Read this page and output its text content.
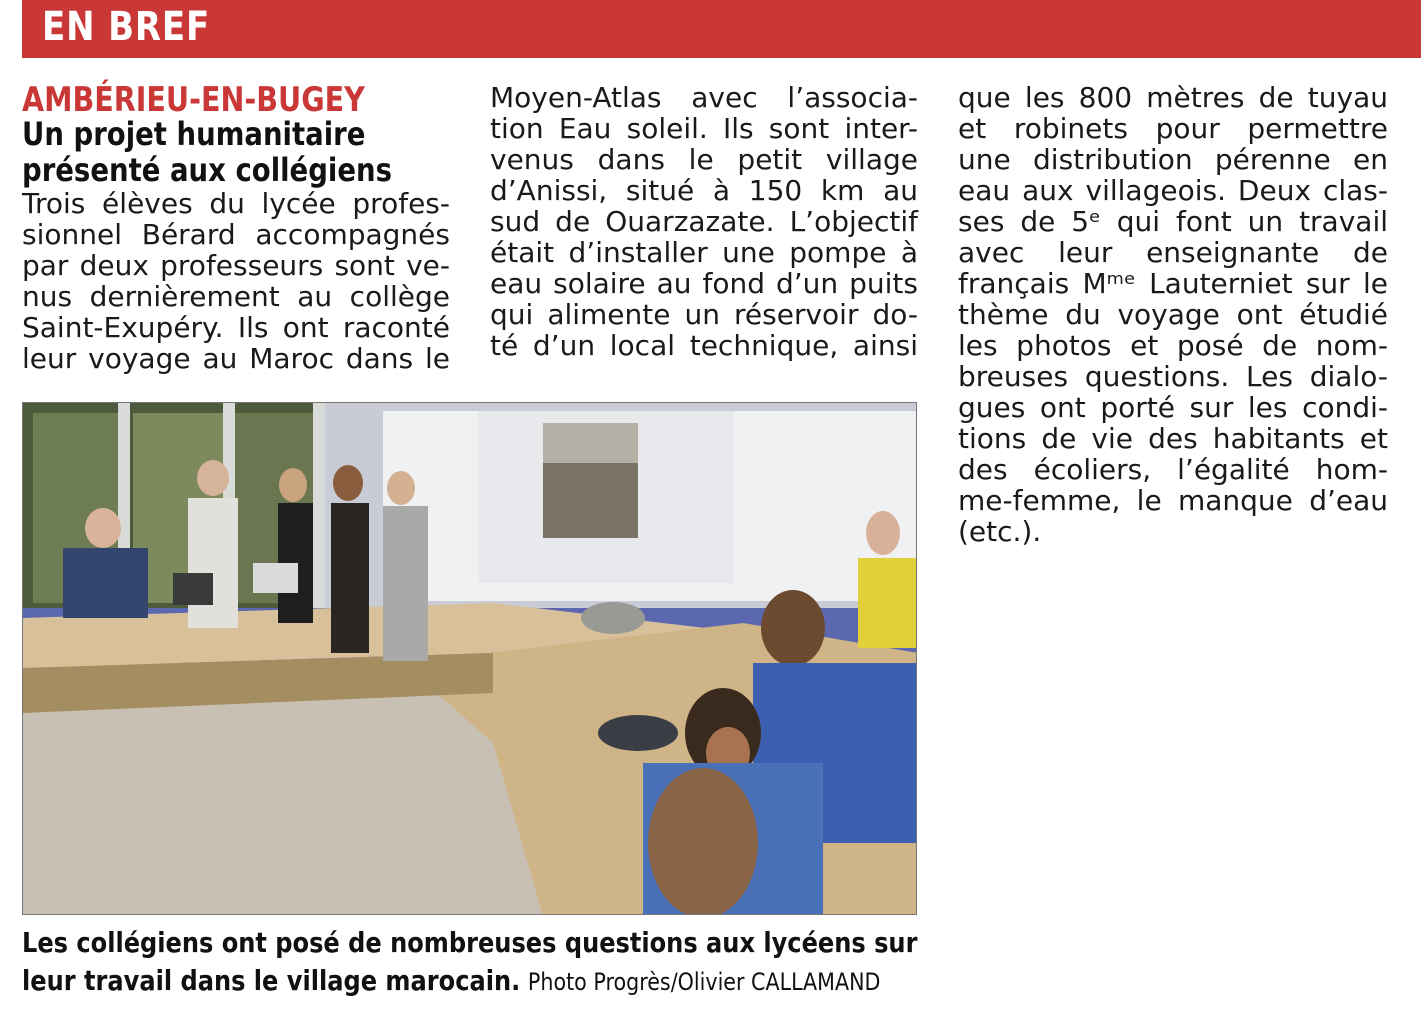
EN BREF
AMBÉRIEU-EN-BUGEY
Un projet humanitaire présenté aux collégiens
Trois élèves du lycée profes-
sionnel Bérard accompagnés
par deux professeurs sont ve-
nus dernièrement au collège
Saint-Exupéry. Ils ont raconté
leur voyage au Maroc dans le
Moyen-Atlas avec l’associa-
tion Eau soleil. Ils sont inter-
venus dans le petit village
d’Anissi, situé à 150 km au
sud de Ouarzazate. L’objectif
était d’installer une pompe à
eau solaire au fond d’un puits
qui alimente un réservoir do-
té d’un local technique, ainsi
que les 800 mètres de tuyau
et robinets pour permettre
une distribution pérenne en
eau aux villageois. Deux clas-
ses de 5ᵉ qui font un travail
avec leur enseignante de
français Mᵐᵉ Lauterniet sur le
thème du voyage ont étudié
les photos et posé de nom-
breuses questions. Les dialo-
gues ont porté sur les condi-
tions de vie des habitants et
des écoliers, l’égalité hom-
me-femme, le manque d’eau
(etc.).
Les collégiens ont posé de nombreuses questions aux lycéens sur
leur travail dans le village marocain. Photo Progrès/Olivier CALLAMAND
